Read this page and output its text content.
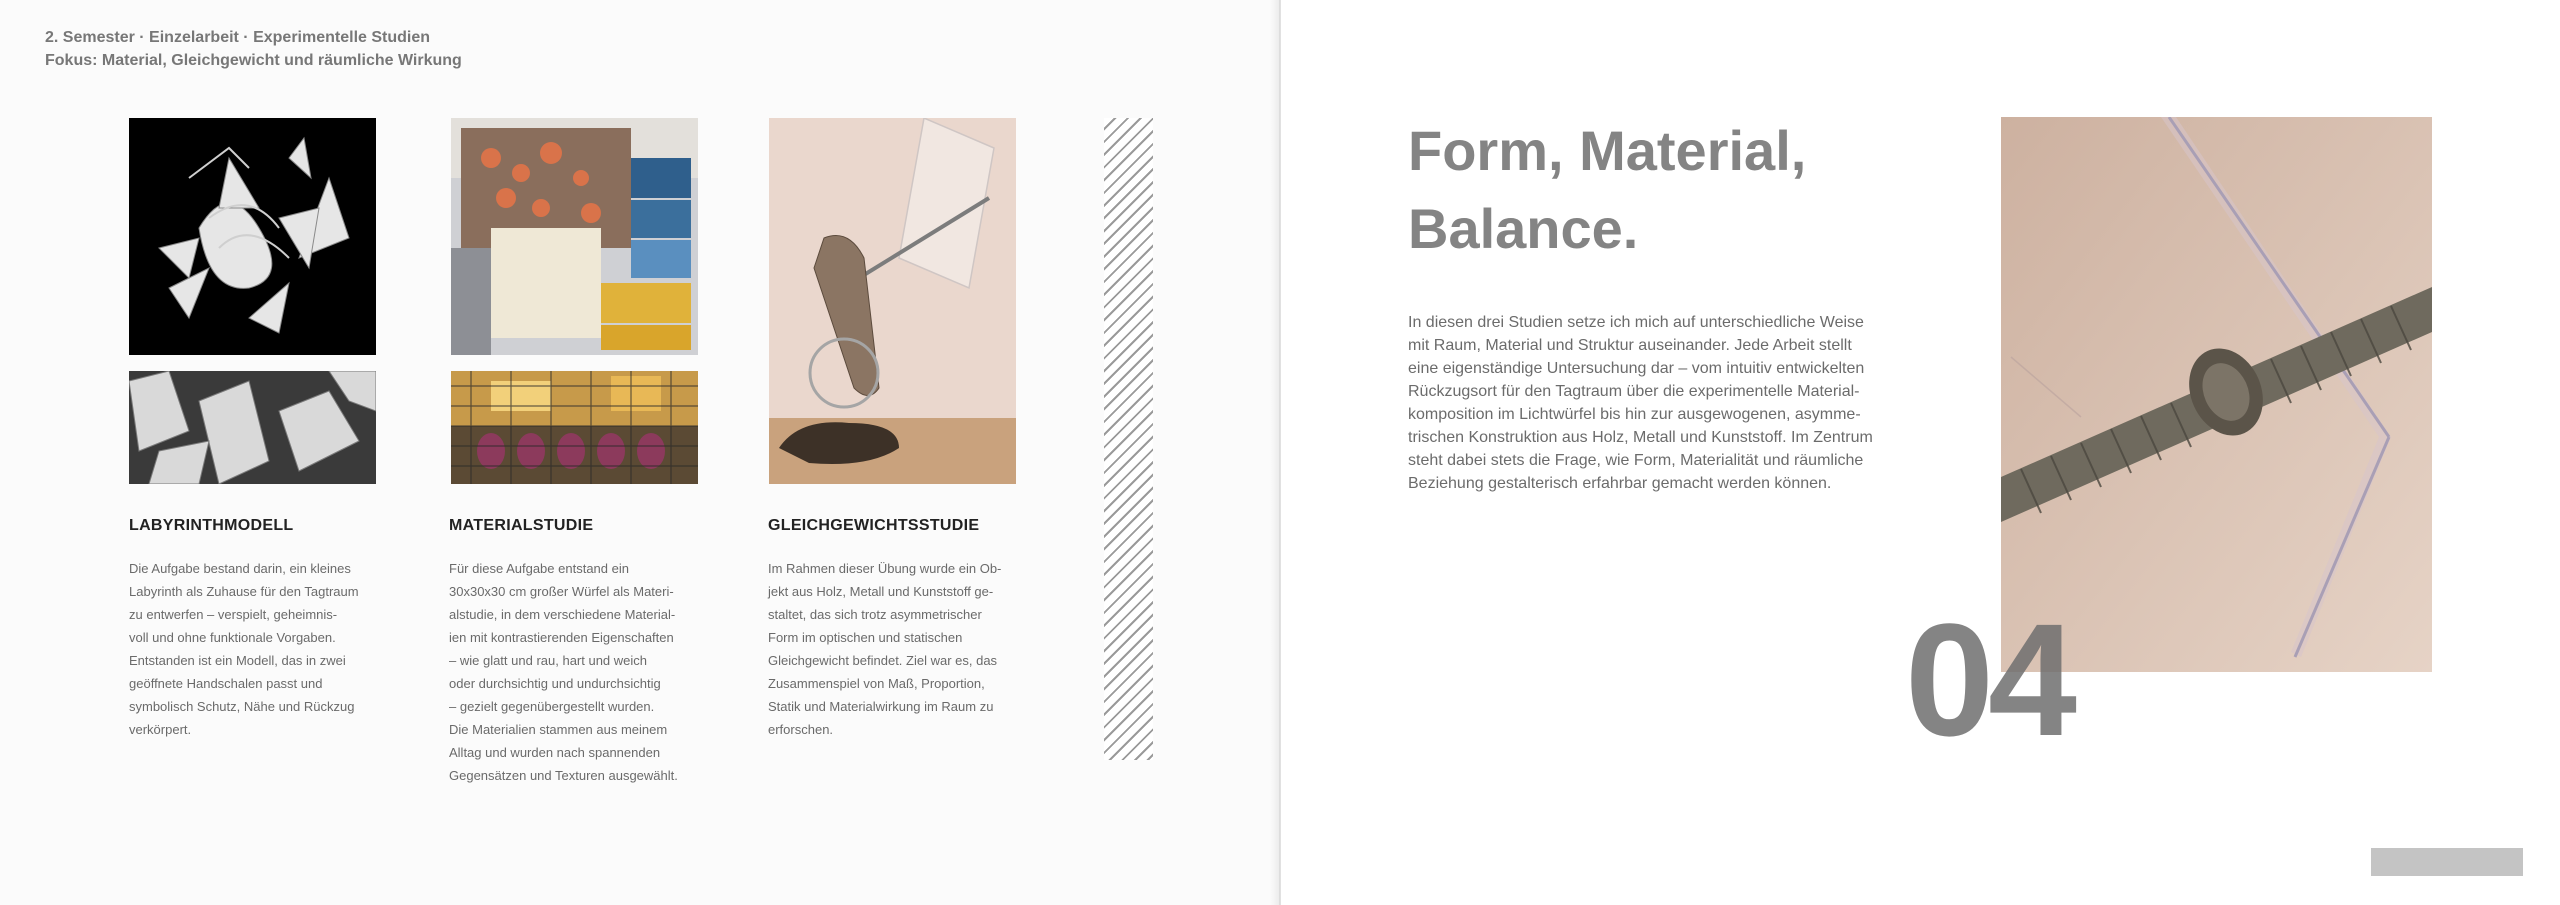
2. Semester · Einzelarbeit · Experimentelle Studien
Fokus: Material, Gleichgewicht und räumliche Wirkung
LABYRINTHMODELL
Die Aufgabe bestand darin, ein kleines
Labyrinth als Zuhause für den Tagtraum
zu entwerfen – verspielt, geheimnis-
voll und ohne funktionale Vorgaben.
Entstanden ist ein Modell, das in zwei
geöffnete Handschalen passt und
symbolisch Schutz, Nähe und Rückzug
verkörpert.
MATERIALSTUDIE
Für diese Aufgabe entstand ein
30x30x30 cm großer Würfel als Materi-
alstudie, in dem verschiedene Material-
ien mit kontrastierenden Eigenschaften
– wie glatt und rau, hart und weich
oder durchsichtig und undurchsichtig
– gezielt gegenübergestellt wurden.
Die Materialien stammen aus meinem
Alltag und wurden nach spannenden
Gegensätzen und Texturen ausgewählt.
GLEICHGEWICHTSSTUDIE
Im Rahmen dieser Übung wurde ein Ob-
jekt aus Holz, Metall und Kunststoff ge-
staltet, das sich trotz asymmetrischer
Form im optischen und statischen
Gleichgewicht befindet. Ziel war es, das
Zusammenspiel von Maß, Proportion,
Statik und Materialwirkung im Raum zu
erforschen.
Form, Material,
Balance.
In diesen drei Studien setze ich mich auf unterschiedliche Weise
mit Raum, Material und Struktur auseinander. Jede Arbeit stellt
eine eigenständige Untersuchung dar – vom intuitiv entwickelten
Rückzugsort für den Tagtraum über die experimentelle Material-
komposition im Lichtwürfel bis hin zur ausgewogenen, asymme-
trischen Konstruktion aus Holz, Metall und Kunststoff. Im Zentrum
steht dabei stets die Frage, wie Form, Materialität und räumliche
Beziehung gestalterisch erfahrbar gemacht werden können.
04
